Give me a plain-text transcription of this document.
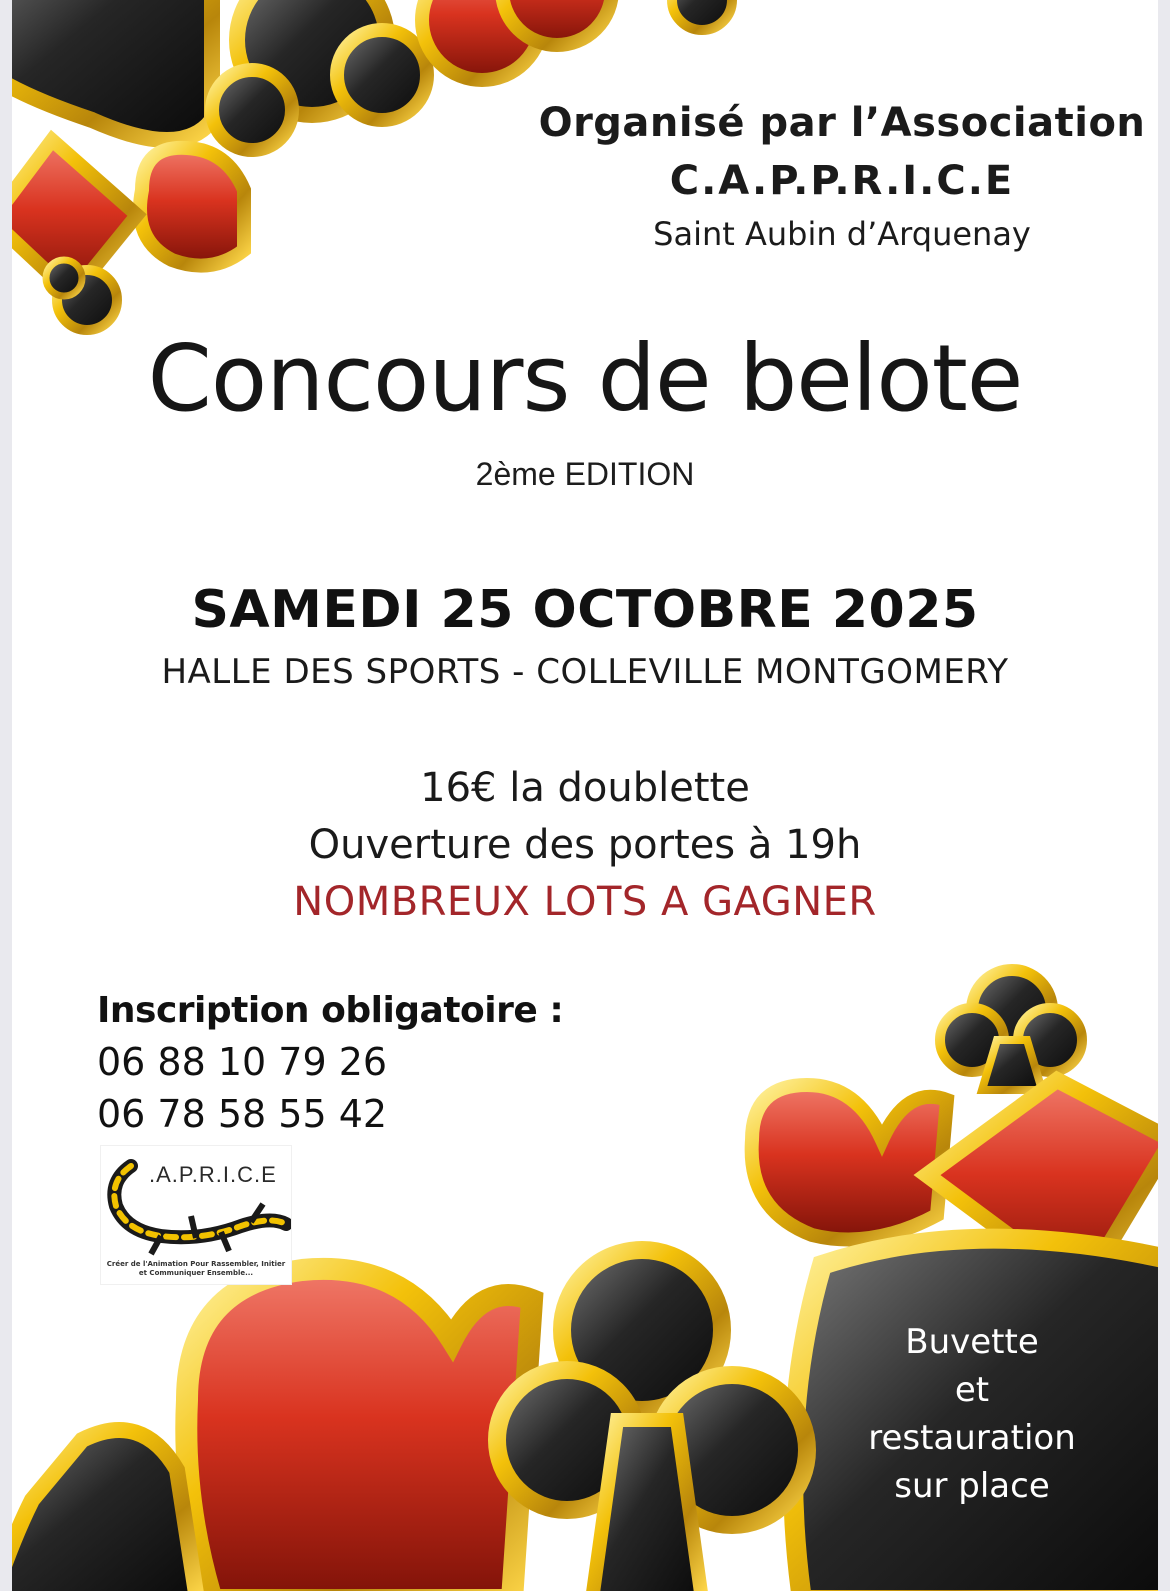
Organisé par l’Association
C.A.P.P.R.I.C.E
Saint Aubin d’Arquenay
Concours de belote
2ème EDITION
SAMEDI 25 OCTOBRE 2025
HALLE DES SPORTS - COLLEVILLE MONTGOMERY
16€ la doublette
Ouverture des portes à 19h
NOMBREUX LOTS A GAGNER
Inscription obligatoire :
06 88 10 79 26
06 78 58 55 42
.A.P.R.I.C.E
Créer de l'Animation Pour Rassembler, Initier et Communiquer Ensemble...
Buvette
et
restauration
sur place
